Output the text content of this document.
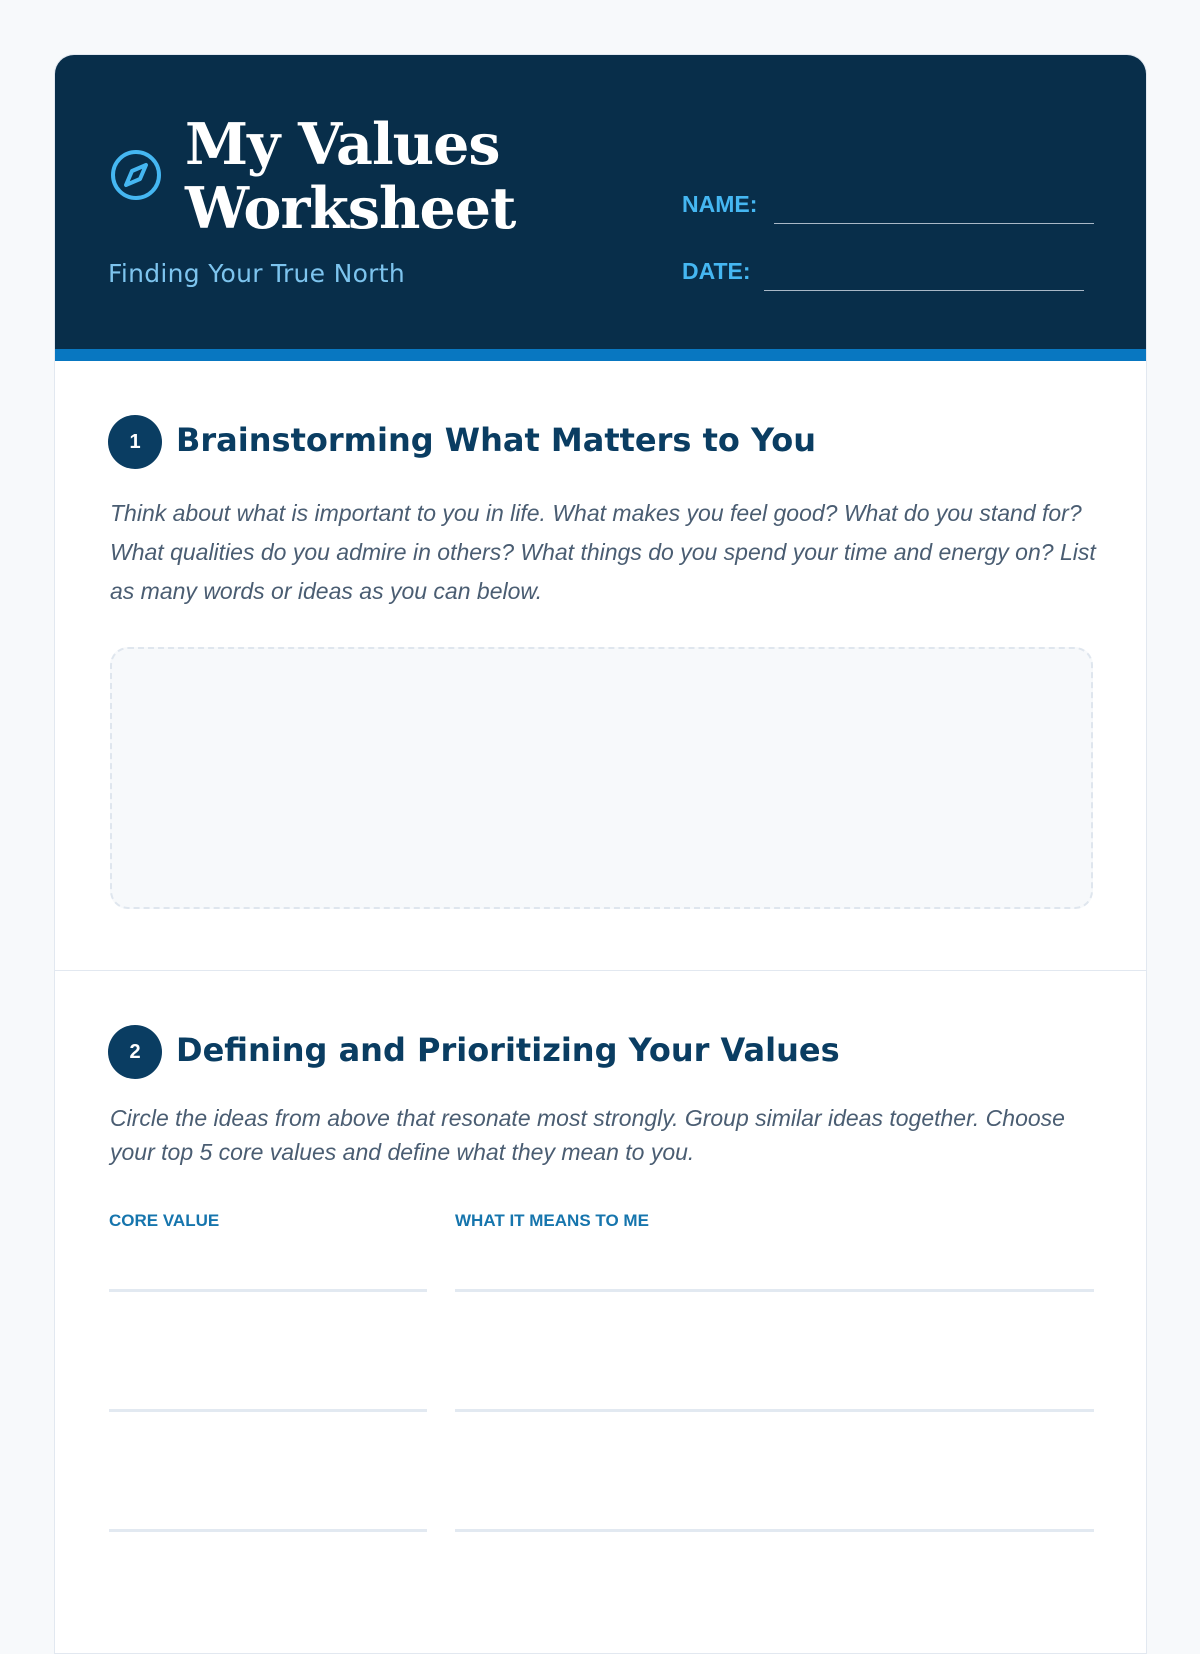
My Values Worksheet
Finding Your True North
NAME:
DATE:
1	Brainstorming What Matters to You

Think about what is important to you in life. What makes you feel good? What do you stand for? What qualities do you admire in others? What things do you spend your time and energy on? List as many words or ideas as you can below.

2	Defining and Prioritizing Your Values

Circle the ideas from above that resonate most strongly. Group similar ideas together. Choose your top 5 core values and define what they mean to you.

CORE VALUE	WHAT IT MEANS TO ME
